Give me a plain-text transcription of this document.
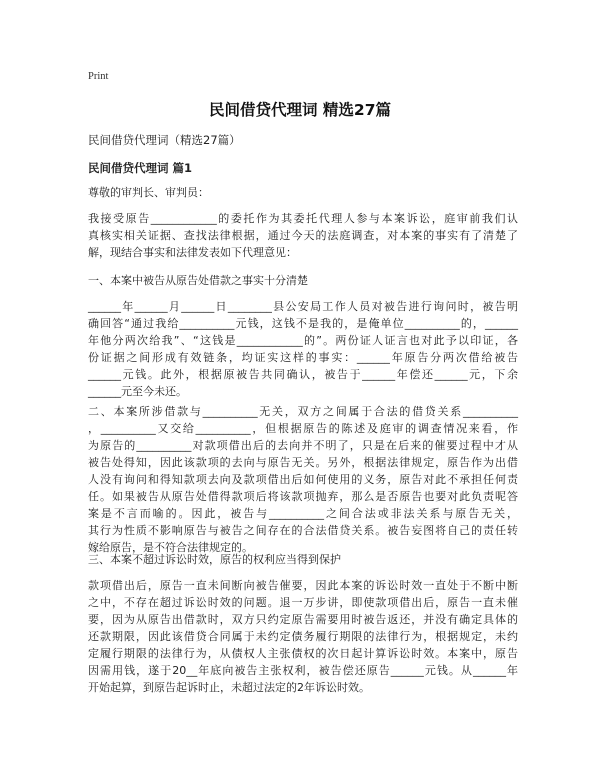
Print
民间借贷代理词 精选27篇
民间借贷代理词（精选27篇）
民间借贷代理词 篇1

尊敬的审判长、审判员：

我接受原告____________的委托作为其委托代理人参与本案诉讼，庭审前我们认

真核实相关证据、查找法律根据，通过今天的法庭调查，对本案的事实有了清楚了

解，现结合事实和法律发表如下代理意见：

一、本案中被告从原告处借款之事实十分清楚

______年______月______日________县公安局工作人员对被告进行询问时，被告明

确回答“通过我给__________元钱，这钱不是我的，是俺单位__________的，______

年他分两次给我”、“这钱是____________的”。两份证人证言也对此予以印证，各

份证据之间形成有效链条，均证实这样的事实：______年原告分两次借给被告

______元钱。此外，根据原被告共同确认，被告于______年偿还______元，下余

______元至今未还。

二、本案所涉借款与__________无关，双方之间属于合法的借贷关系__________

，__________又交给__________，但根据原告的陈述及庭审的调查情况来看，作

为原告的__________对款项借出后的去向并不明了，只是在后来的催要过程中才从

被告处得知，因此该款项的去向与原告无关。另外，根据法律规定，原告作为出借

人没有询问和得知款项去向及款项借出后如何使用的义务，原告对此不承担任何责

任。如果被告从原告处借得款项后将该款项抛弃，那么是否原告也要对此负责呢答

案是不言而喻的。因此，被告与__________之间合法或非法关系与原告无关，

其行为性质不影响原告与被告之间存在的合法借贷关系。被告妄图将自己的责任转

嫁给原告，是不符合法律规定的。

三、本案不超过诉讼时效，原告的权利应当得到保护

款项借出后，原告一直未间断向被告催要，因此本案的诉讼时效一直处于不断中断

之中，不存在超过诉讼时效的问题。退一万步讲，即使款项借出后，原告一直未催

要，因为从原告出借款时，双方只约定原告需要用时被告返还，并没有确定具体的

还款期限，因此该借贷合同属于未约定债务履行期限的法律行为，根据规定，未约

定履行期限的法律行为，从债权人主张债权的次日起计算诉讼时效。本案中，原告

因需用钱，遂于20__年底向被告主张权利，被告偿还原告______元钱。从______年

开始起算，到原告起诉时止，未超过法定的2年诉讼时效。
